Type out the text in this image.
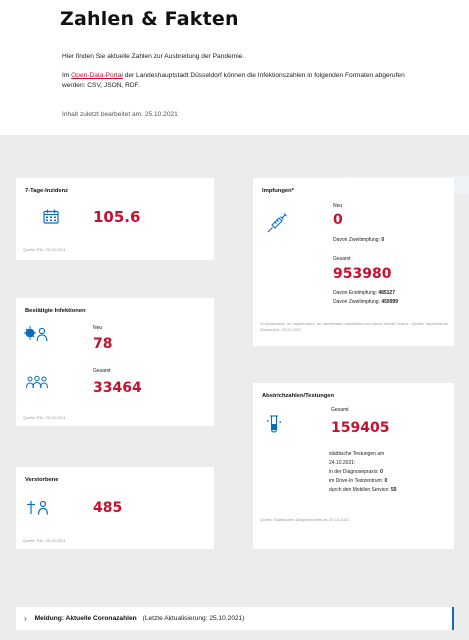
Zahlen & Fakten
Hier finden Sie aktuelle Zahlen zur Ausbreitung der Pandemie.
Im Open-Data-Portal der Landeshauptstadt Düsseldorf können die Infektionszahlen in folgenden Formaten abgerufen werden: CSV, JSON, RDF.
Inhalt zuletzt bearbeitet am: 25.10.2021
7-Tage-Inzidenz
105.6
Quelle: RKI, 25.10.2021
Bestätigte Infektionen
Neu
78
Gesamt
33464
Quelle: RKI, 25.10.2021
Verstorbene
485
Quelle: RKI, 25.10.2021
Impfungen*
Neu
0
Davon Zweitimpfung: 0
Gesamt
953980
Davon Erstimpfung: 485127
Davon Zweitimpfung: 459999
*in Arztpraxen, im Impfzentrum, an dezentralen Impfstellen und durch mobile Teams - Quelle: Impfzentrum Düsseldorf, 25.10.2021
Abstrichzahlen/Testungen
Gesamt
159405
städtische Testungen am
24.10.2021:
in der Diagnosepraxis: 0
im Drive-In Testzentrum: 0
durch den Mobilen Service: 55
Quelle: Städtisches Diagnosezentrum, 25.10.2021
› Meldung: Aktuelle Coronazahlen (Letzte Aktualisierung: 25.10.2021)
